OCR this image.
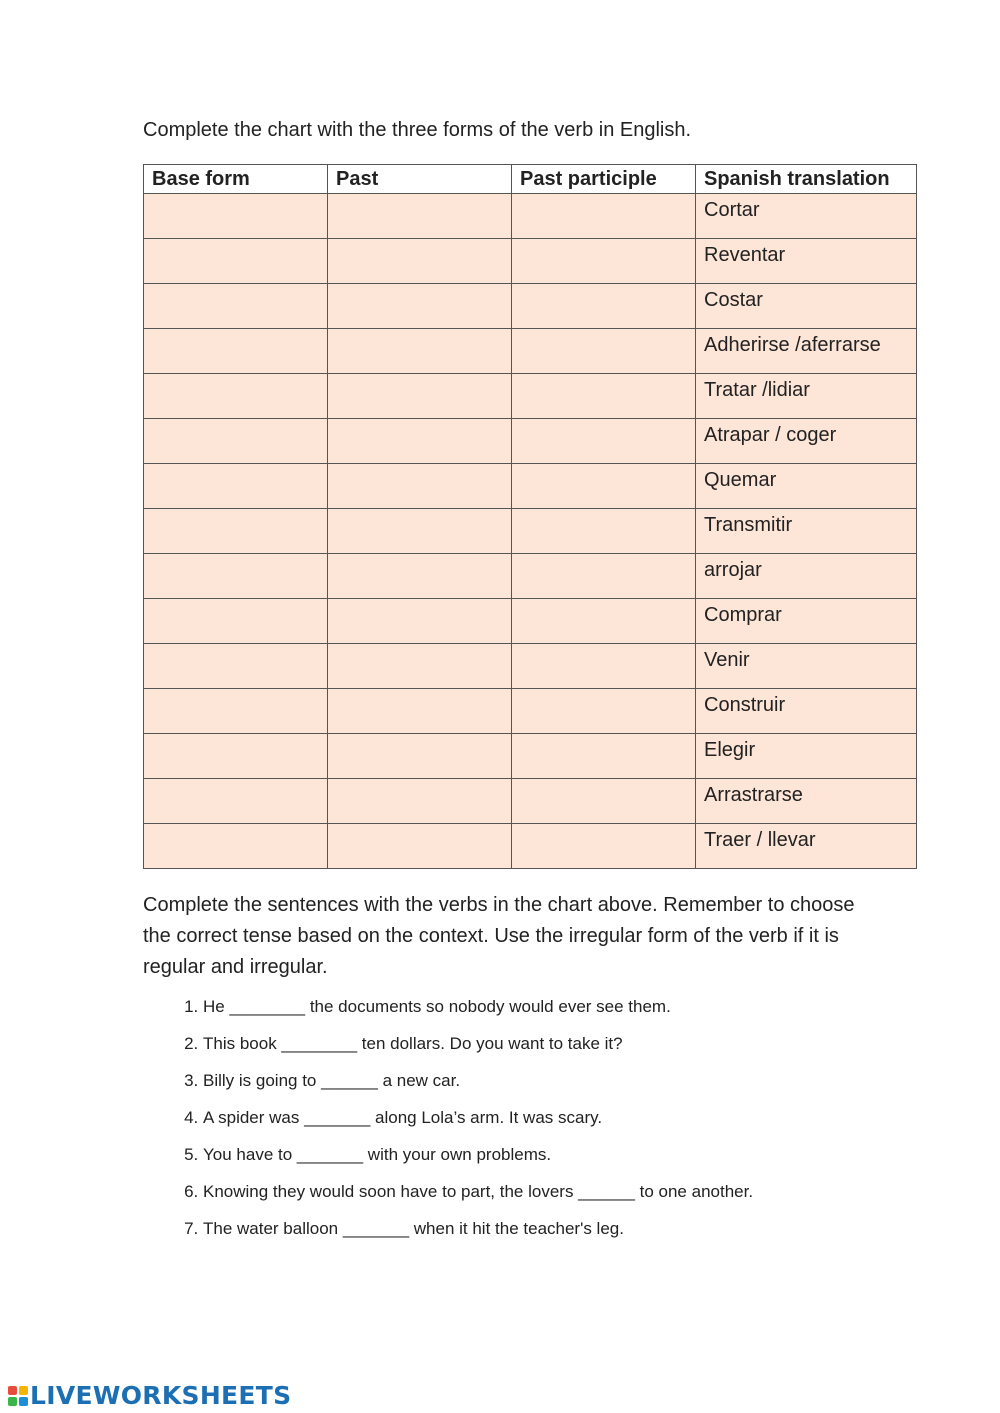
Complete the chart with the three forms of the verb in English.
Base form	Past	Past participle	Spanish translation
			Cortar
			Reventar
			Costar
			Adherirse /aferrarse
			Tratar /lidiar
			Atrapar / coger
			Quemar
			Transmitir
			arrojar
			Comprar
			Venir
			Construir
			Elegir
			Arrastrarse
			Traer / llevar
Complete the sentences with the verbs in the chart above. Remember to choose the correct tense based on the context. Use the irregular form of the verb if it is regular and irregular.
1. He ________ the documents so nobody would ever see them.
2. This book ________ ten dollars. Do you want to take it?
3. Billy is going to ______ a new car.
4. A spider was _______ along Lola’s arm. It was scary.
5. You have to _______ with your own problems.
6. Knowing they would soon have to part, the lovers ______ to one another.
7. The water balloon _______ when it hit the teacher's leg.
LIVEWORKSHEETS
